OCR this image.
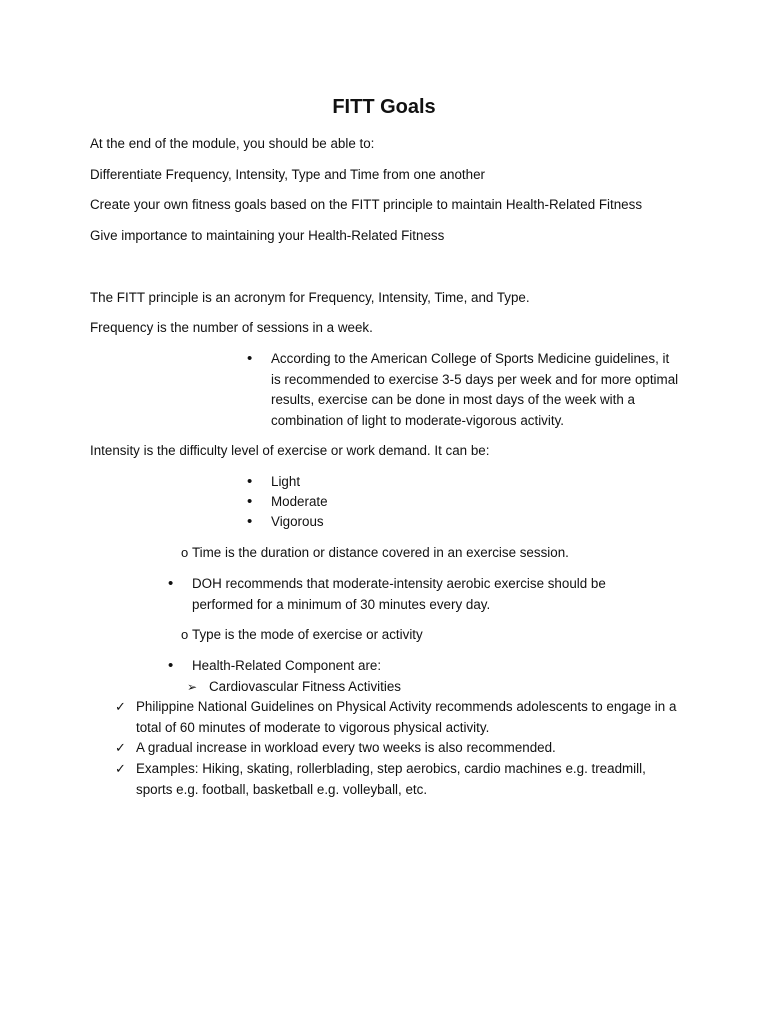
FITT Goals
At the end of the module, you should be able to:
Differentiate Frequency, Intensity, Type and Time from one another
Create your own fitness goals based on the FITT principle to maintain Health-Related Fitness
Give importance to maintaining your Health-Related Fitness
The FITT principle is an acronym for Frequency, Intensity, Time, and Type.
Frequency is the number of sessions in a week.
• According to the American College of Sports Medicine guidelines, it is recommended to exercise 3-5 days per week and for more optimal results, exercise can be done in most days of the week with a combination of light to moderate-vigorous activity.
Intensity is the difficulty level of exercise or work demand. It can be:
• Light
• Moderate
• Vigorous
o Time is the duration or distance covered in an exercise session.
• DOH recommends that moderate-intensity aerobic exercise should be performed for a minimum of 30 minutes every day.
o Type is the mode of exercise or activity
• Health-Related Component are:
➢ Cardiovascular Fitness Activities
✓ Philippine National Guidelines on Physical Activity recommends adolescents to engage in a total of 60 minutes of moderate to vigorous physical activity.
✓ A gradual increase in workload every two weeks is also recommended.
✓ Examples: Hiking, skating, rollerblading, step aerobics, cardio machines e.g. treadmill, sports e.g. football, basketball e.g. volleyball, etc.
